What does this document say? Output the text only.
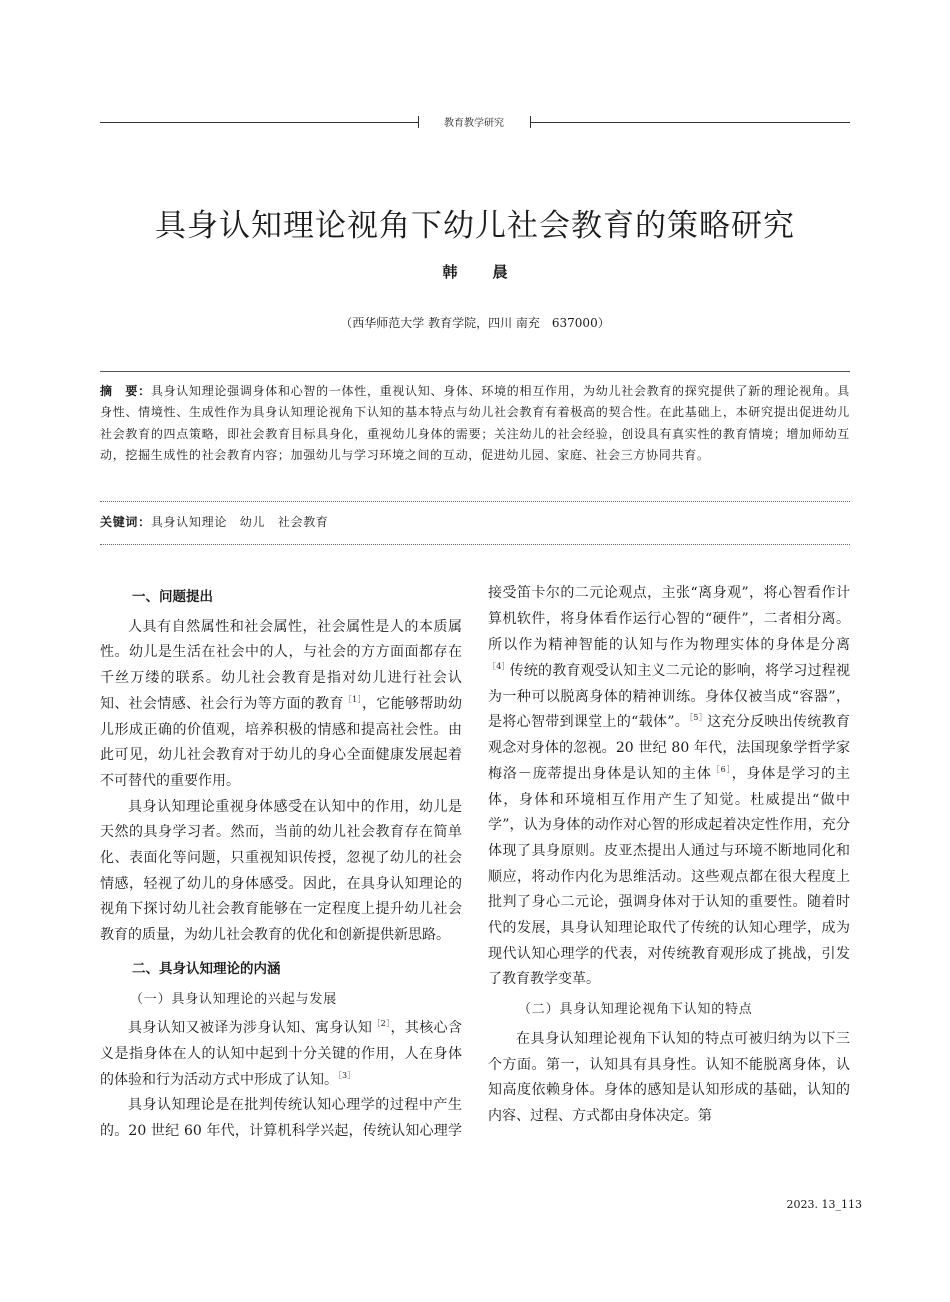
教育教学研究
具身认知理论视角下幼儿社会教育的策略研究
韩　晨
（西华师范大学 教育学院，四川 南充　637000）
摘　要：具身认知理论强调身体和心智的一体性，重视认知、身体、环境的相互作用，为幼儿社会教育的探究提供了新的理论视角。具身性、情境性、生成性作为具身认知理论视角下认知的基本特点与幼儿社会教育有着极高的契合性。在此基础上，本研究提出促进幼儿社会教育的四点策略，即社会教育目标具身化，重视幼儿身体的需要；关注幼儿的社会经验，创设具有真实性的教育情境；增加师幼互动，挖掘生成性的社会教育内容；加强幼儿与学习环境之间的互动，促进幼儿园、家庭、社会三方协同共育。
关键词：具身认知理论　幼儿　社会教育
一、问题提出

人具有自然属性和社会属性，社会属性是人的本质属性。幼儿是生活在社会中的人，与社会的方方面面都存在千丝万缕的联系。幼儿社会教育是指对幼儿进行社会认知、社会情感、社会行为等方面的教育$^{[1]}$，它能够帮助幼儿形成正确的价值观，培养积极的情感和提高社会性。由此可见，幼儿社会教育对于幼儿的身心全面健康发展起着不可替代的重要作用。

具身认知理论重视身体感受在认知中的作用，幼儿是天然的具身学习者。然而，当前的幼儿社会教育存在简单化、表面化等问题，只重视知识传授，忽视了幼儿的社会情感，轻视了幼儿的身体感受。因此，在具身认知理论的视角下探讨幼儿社会教育能够在一定程度上提升幼儿社会教育的质量，为幼儿社会教育的优化和创新提供新思路。

二、具身认知理论的内涵
（一）具身认知理论的兴起与发展

具身认知又被译为涉身认知、寓身认知$^{[2]}$，其核心含义是指身体在人的认知中起到十分关键的作用，人在身体的体验和行为活动方式中形成了认知。$^{[3]}$

具身认知理论是在批判传统认知心理学的过程中产生的。20 世纪 60 年代，计算机科学兴起，传统认知心理学

接受笛卡尔的二元论观点，主张“离身观”，将心智看作计算机软件，将身体看作运行心智的“硬件”，二者相分离。所以作为精神智能的认知与作为物理实体的身体是分离

$^{[4]}$传统的教育观受认知主义二元论的影响，将学习过程视为一种可以脱离身体的精神训练。身体仅被当成“容器”，是将心智带到课堂上的“载体”。$^{[5]}$这充分反映出传统教育观念对身体的忽视。20 世纪 80 年代，法国现象学哲学家梅洛－庞蒂提出身体是认知的主体$^{[6]}$，身体是学习的主体，身体和环境相互作用产生了知觉。杜威提出“做中学”，认为身体的动作对心智的形成起着决定性作用，充分体现了具身原则。皮亚杰提出人通过与环境不断地同化和顺应，将动作内化为思维活动。这些观点都在很大程度上批判了身心二元论，强调身体对于认知的重要性。随着时代的发展，具身认知理论取代了传统的认知心理学，成为现代认知心理学的代表，对传统教育观形成了挑战，引发了教育教学变革。

（二）具身认知理论视角下认知的特点

在具身认知理论视角下认知的特点可被归纳为以下三个方面。第一，认知具有具身性。认知不能脱离身体，认知高度依赖身体。身体的感知是认知形成的基础，认知的内容、过程、方式都由身体决定。第

2023. 13_113
